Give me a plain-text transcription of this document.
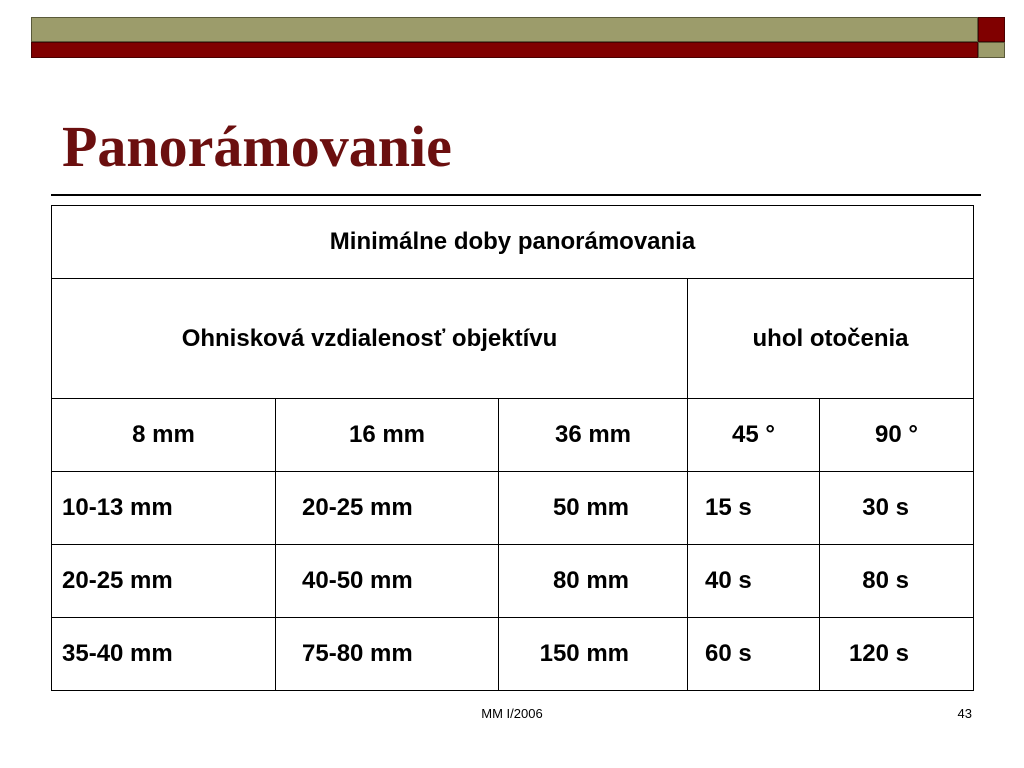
Panorámovanie
Minimálne doby panorámovania				
Ohnisková vzdialenosť objektívu			uhol otočenia	
8 mm	16 mm	36 mm	45 °	90 °
10-13 mm	20-25 mm	50 mm	15 s	30 s
20-25 mm	40-50 mm	80 mm	40 s	80 s
35-40 mm	75-80 mm	150 mm	60 s	120 s
MM I/2006	43
